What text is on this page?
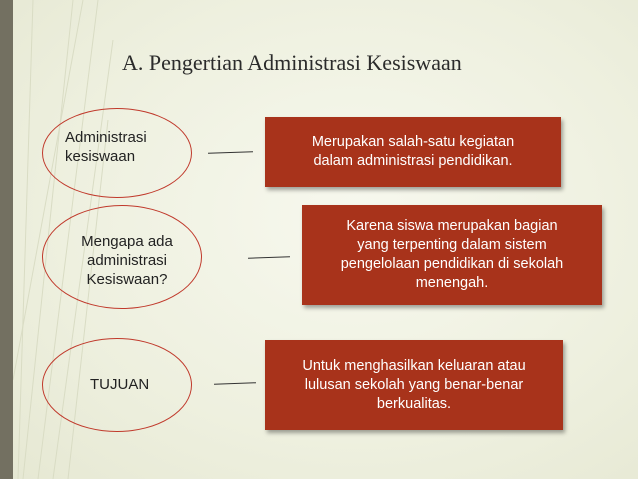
A. Pengertian Administrasi Kesiswaan
Administrasi
kesiswaan
Merupakan salah-satu kegiatan
dalam administrasi pendidikan.
Mengapa ada
administrasi
Kesiswaan?
Karena siswa merupakan bagian
yang terpenting dalam sistem
pengelolaan pendidikan di sekolah
menengah.
TUJUAN
Untuk menghasilkan keluaran atau
lulusan sekolah yang benar-benar
berkualitas.
